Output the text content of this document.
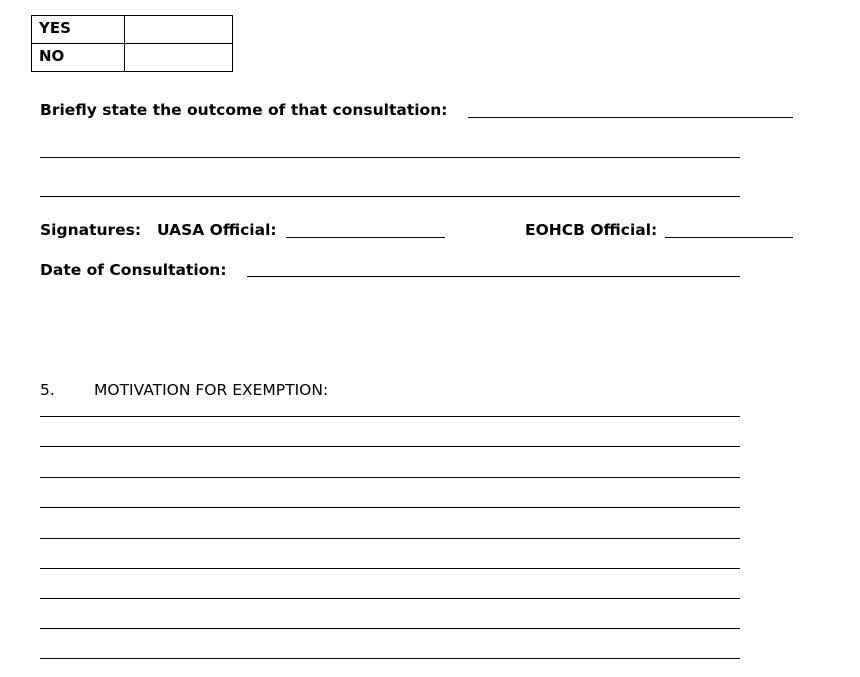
YES	
NO	
Briefly state the outcome of that consultation:
Signatures: UASA Official:	EOHCB Official:
Date of Consultation:
5.	MOTIVATION FOR EXEMPTION:
